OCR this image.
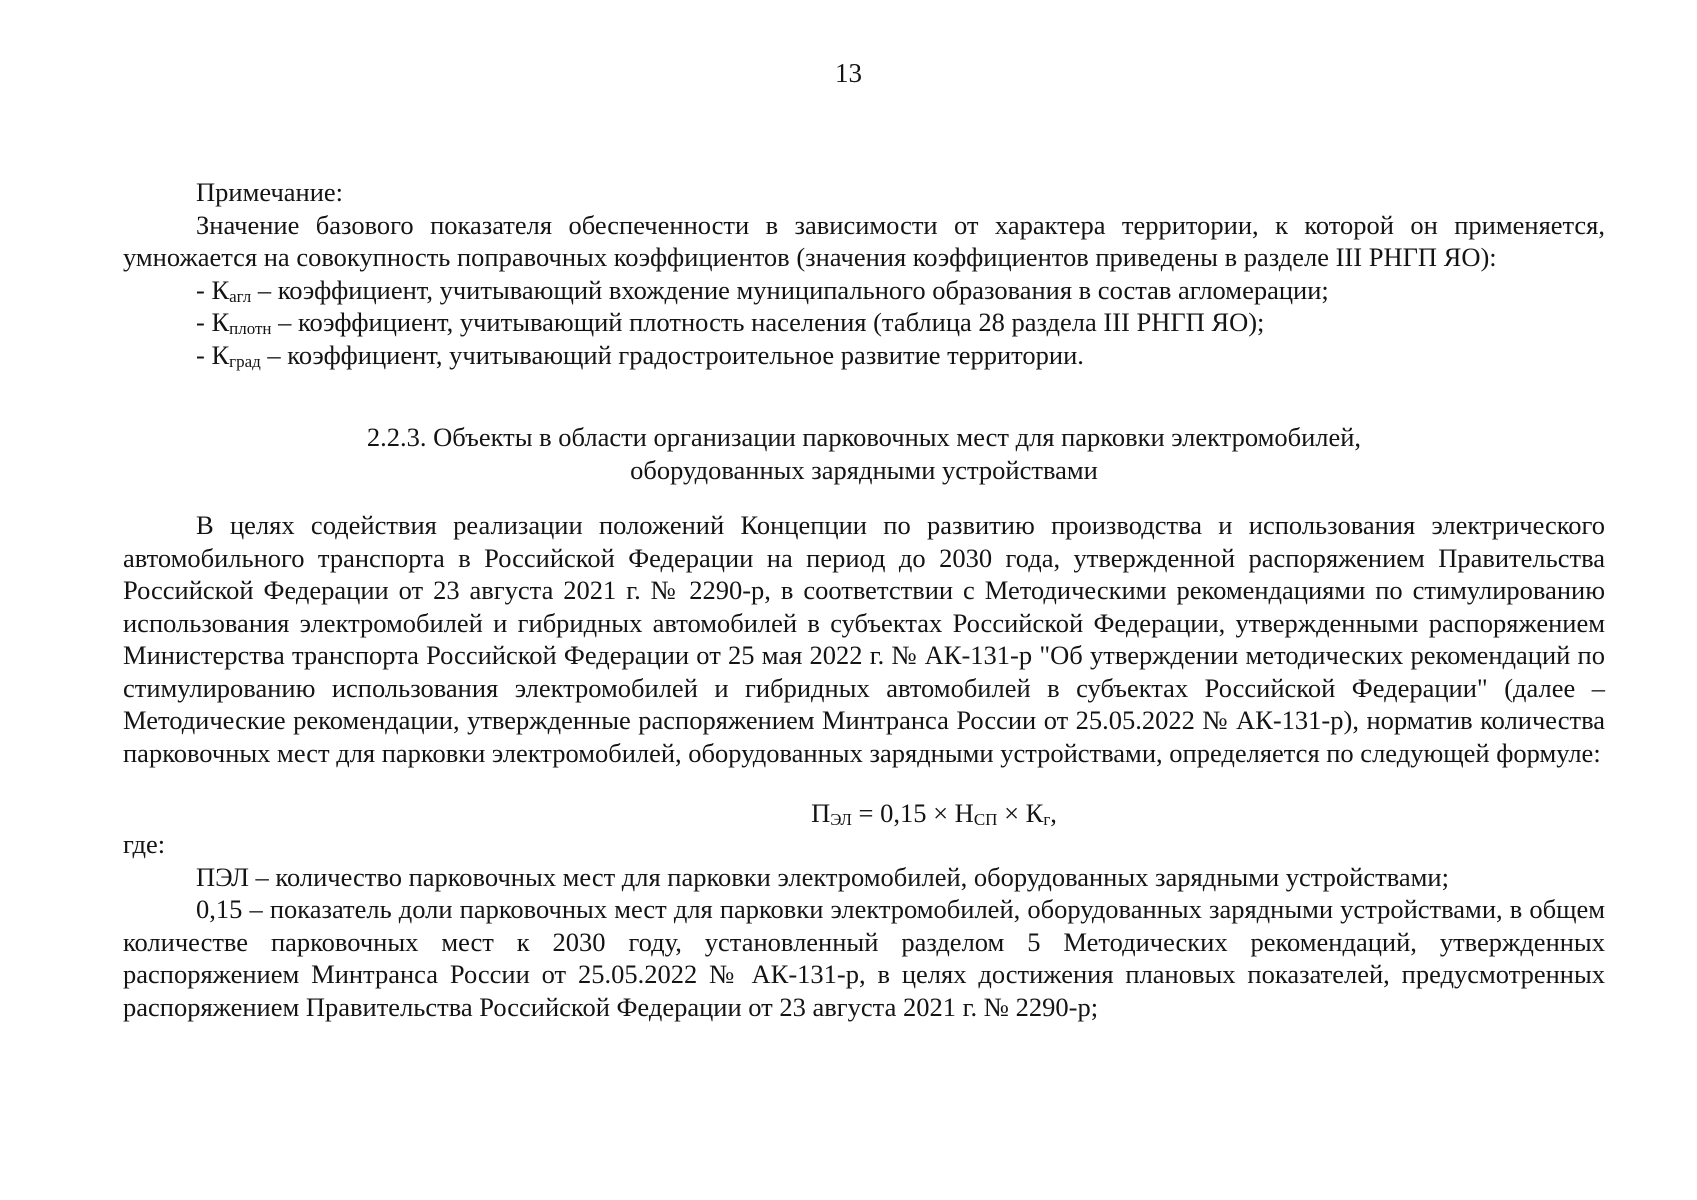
13

Примечание:

Значение базового показателя обеспеченности в зависимости от характера территории, к которой он применяется, умножается на совокупность поправочных коэффициентов (значения коэффициентов приведены в разделе III РНГП ЯО):

- $К_{агл}$ – коэффициент, учитывающий вхождение муниципального образования в состав агломерации;

- $К_{плотн}$ – коэффициент, учитывающий плотность населения (таблица 28 раздела III РНГП ЯО);

- $К_{град}$ – коэффициент, учитывающий градостроительное развитие территории.

2.2.3. Объекты в области организации парковочных мест для парковки электромобилей,

оборудованных зарядными устройствами

В целях содействия реализации положений Концепции по развитию производства и использования электрического автомобильного транспорта в Российской Федерации на период до 2030 года, утвержденной распоряжением Правительства Российской Федерации от 23 августа 2021 г. № 2290-р, в соответствии с Методическими рекомендациями по стимулированию использования электромобилей и гибридных автомобилей в субъектах Российской Федерации, утвержденными распоряжением Министерства транспорта Российской Федерации от 25 мая 2022 г. № АК-131-р "Об утверждении методических рекомендаций по стимулированию использования электромобилей и гибридных автомобилей в субъектах Российской Федерации" (далее – Методические рекомендации, утвержденные распоряжением Минтранса России от 25.05.2022 № АК-131-р), норматив количества парковочных мест для парковки электромобилей, оборудованных зарядными устройствами, определяется по следующей формуле:

$П_{ЭЛ} = 0,15 \times Н_{СП} \times К_г$,

где:

ПЭЛ – количество парковочных мест для парковки электромобилей, оборудованных зарядными устройствами;

0,15 – показатель доли парковочных мест для парковки электромобилей, оборудованных зарядными устройствами, в общем количестве парковочных мест к 2030 году, установленный разделом 5 Методических рекомендаций, утвержденных распоряжением Минтранса России от 25.05.2022 № АК-131-р, в целях достижения плановых показателей, предусмотренных распоряжением Правительства Российской Федерации от 23 августа 2021 г. № 2290-р;
